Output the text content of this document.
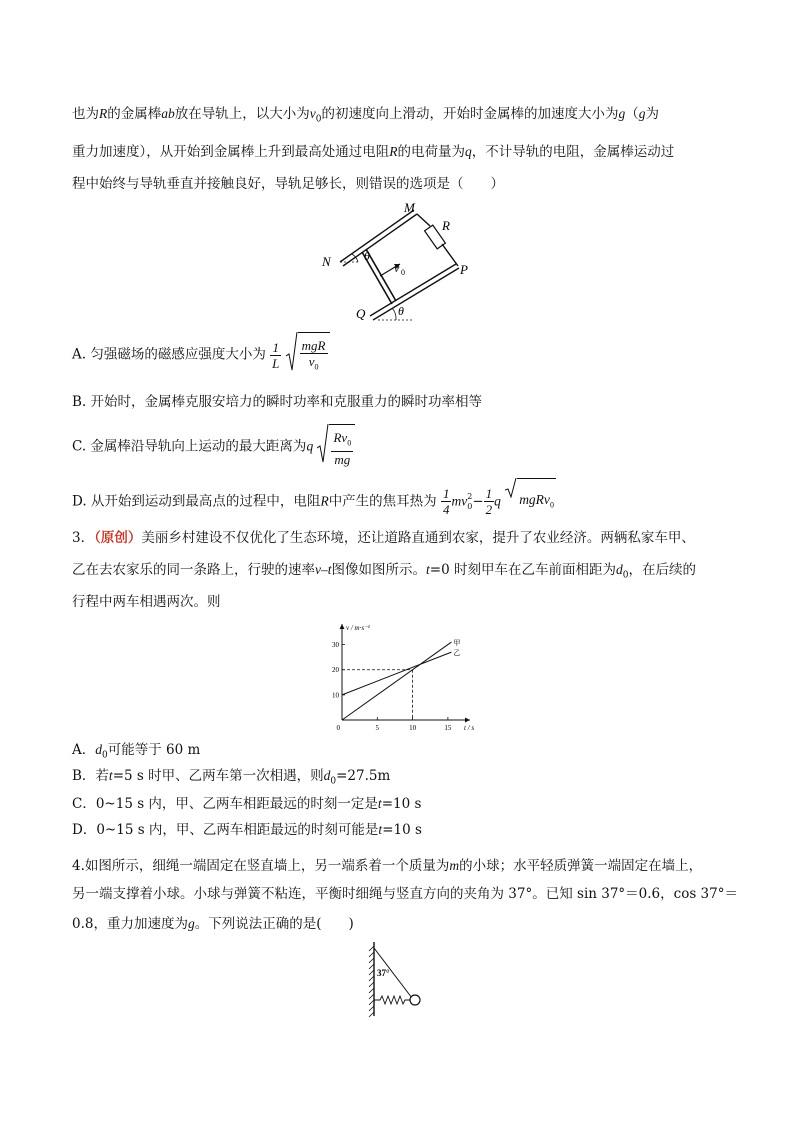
也为R的金属棒ab放在导轨上，以大小为$v_0$的初速度向上滑动，开始时金属棒的加速度大小为g（g为
重力加速度），从开始到金属棒上升到最高处通过电阻R的电荷量为q，不计导轨的电阻，金属棒运动过
程中始终与导轨垂直并接触良好，导轨足够长，则错误的选项是（　　）
M
R
N	θ
v 0	P
Q	θ
A. 匀强磁场的磁感应强度大小为 $\frac{1}{L}$
$\frac{\text{mgR}}{v_0}$
B. 开始时，金属棒克服安培力的瞬时功率和克服重力的瞬时功率相等
C. 金属棒沿导轨向上运动的最大距离为q $\frac{Rv_0}{mg}$
D. 从开始到运动到最高点的过程中，电阻R中产生的焦耳热为 $\frac{1}{4}$ mv 2
$0 - \frac{1}{2}$ q mgRv$_0$
3．（原创）美丽乡村建设不仅优化了生态环境，还让道路直通到农家，提升了农业经济。两辆私家车甲、
乙在去农家乐的同一条路上，行驶的速率v–t图像如图所示。t=0 时刻甲车在乙车前面相距为$d_0$，在后续的
行程中两车相遇两次。则
5	10	15
10
20
30
0
甲
乙
t / s
v / m·s⁻¹
A．$d_0$可能等于 60 m
B．若t=5 s 时甲、乙两车第一次相遇，则$d_0=27.5m$
C．0~15 s 内，甲、乙两车相距最远的时刻一定是t=10 s
D．0~15 s 内，甲、乙两车相距最远的时刻可能是t=10 s
4.如图所示，细绳一端固定在竖直墙上，另一端系着一个质量为m的小球；水平轻质弹簧一端固定在墙上，
另一端支撑着小球。小球与弹簧不粘连，平衡时细绳与竖直方向的夹角为 37°。已知 sin 37°＝0.6，cos 37°＝
0.8，重力加速度为g。下列说法正确的是(　　)
37°
